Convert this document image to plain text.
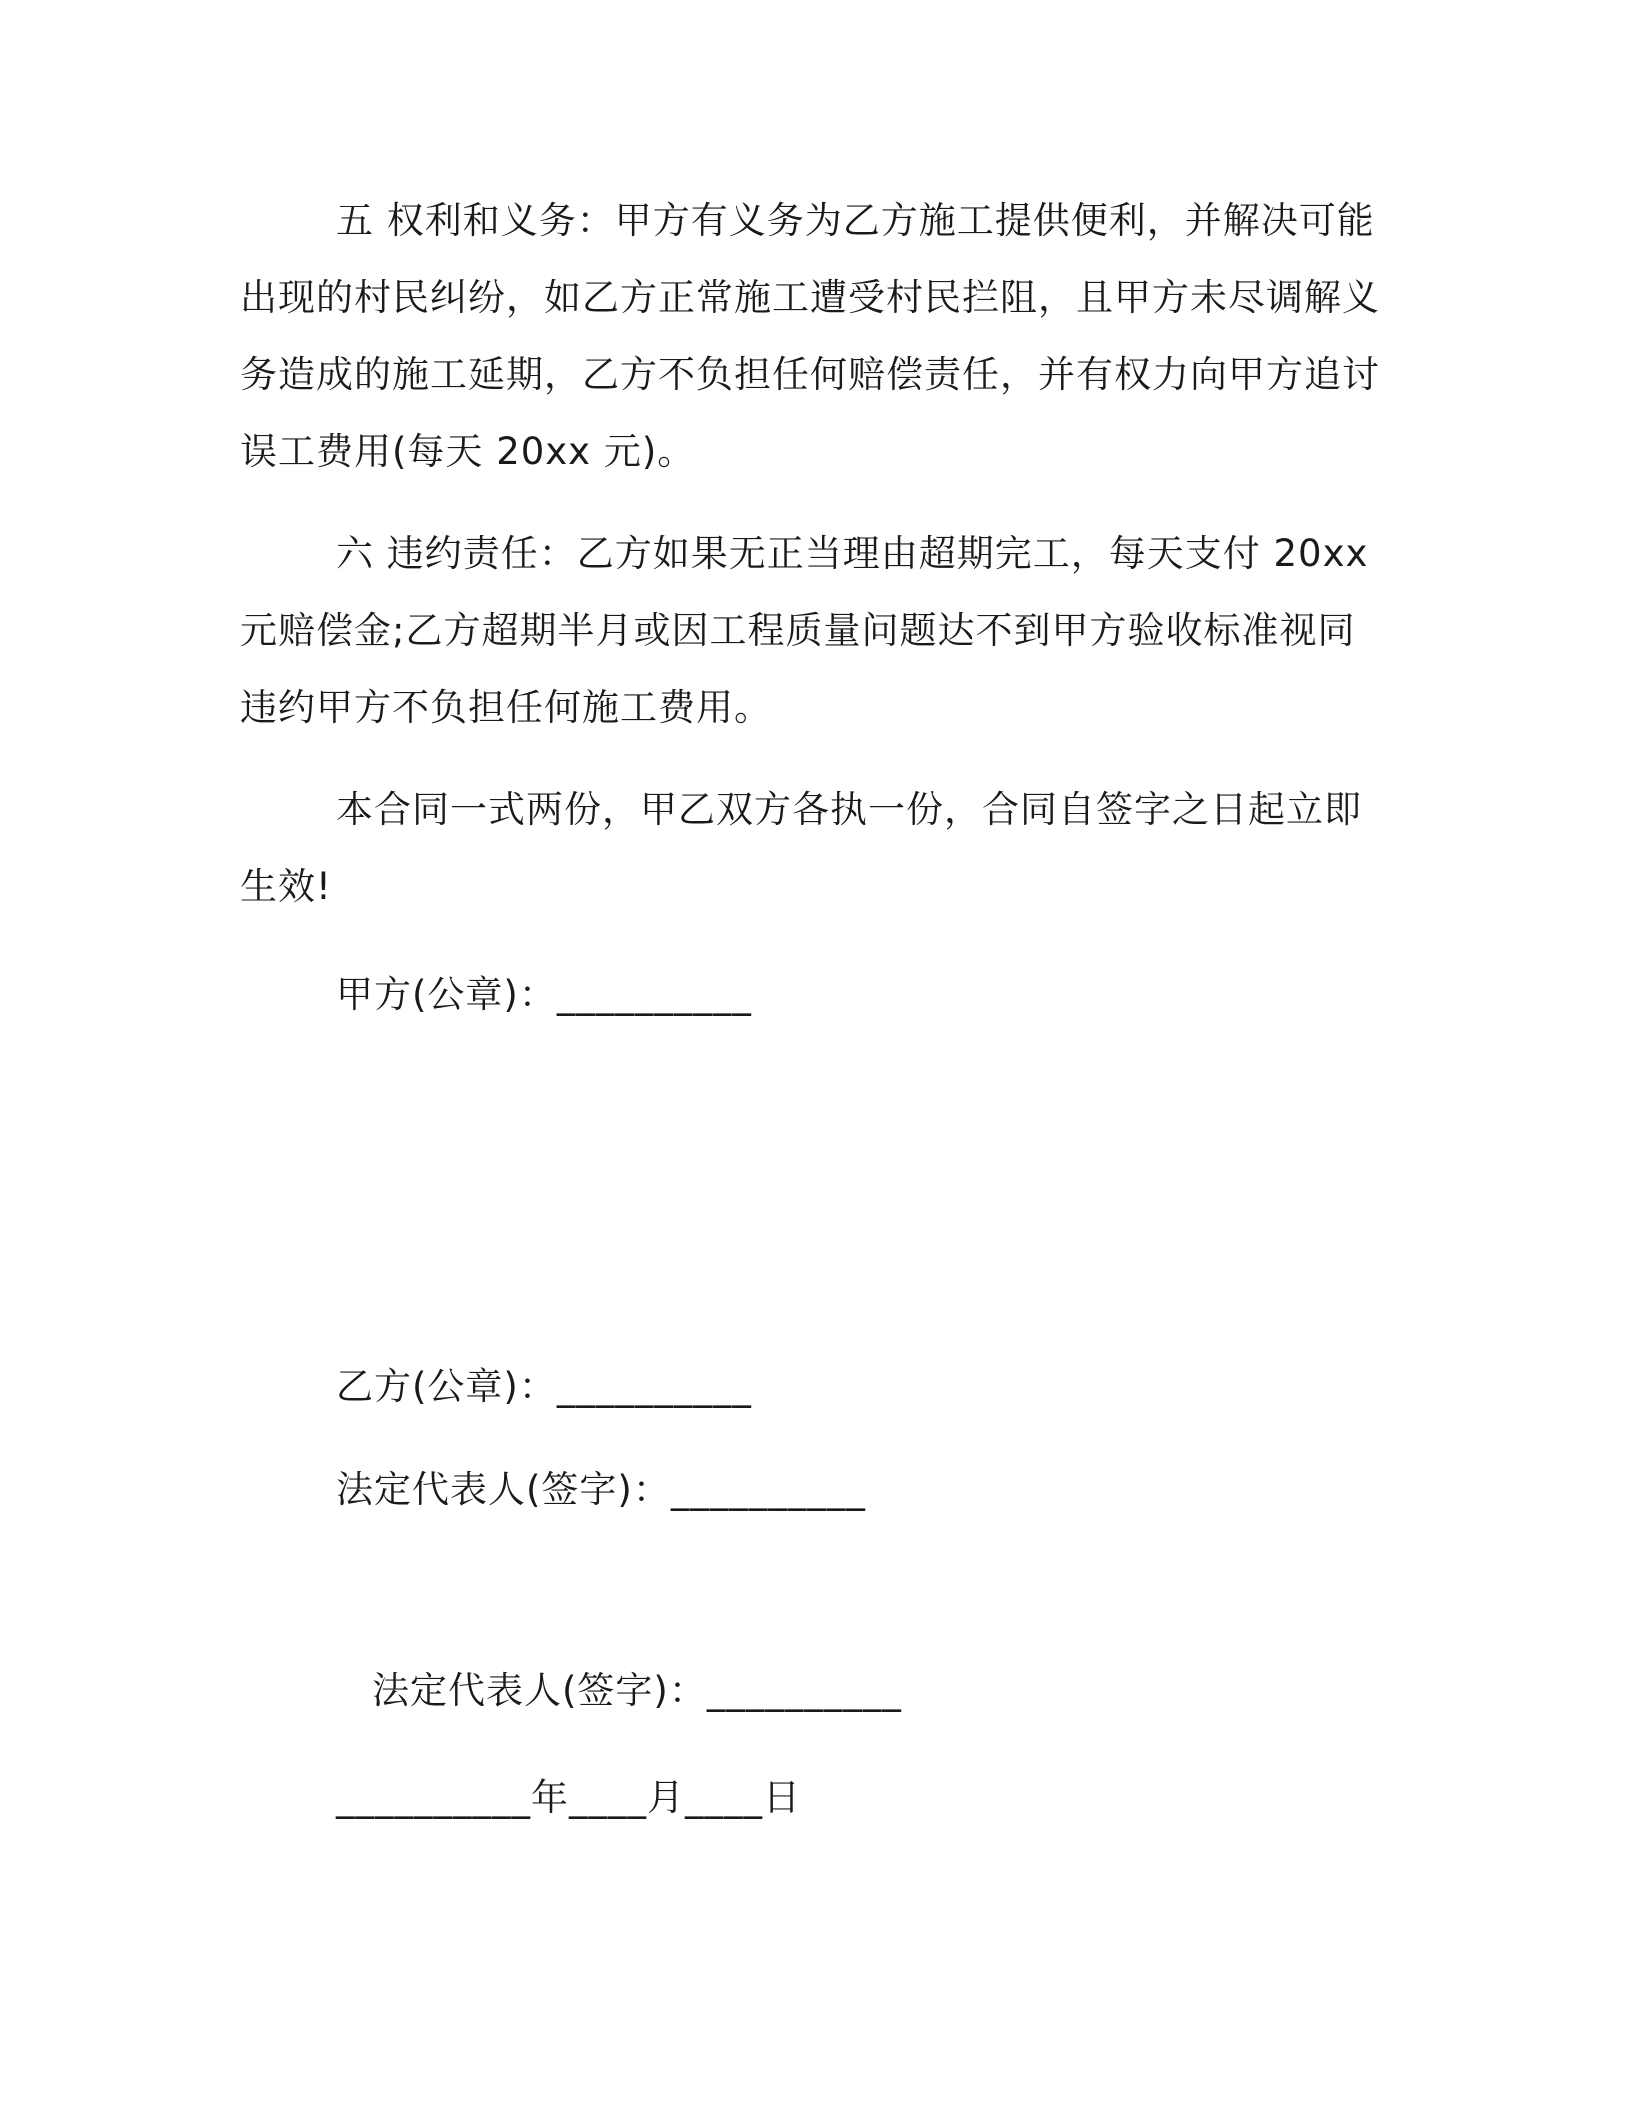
五 权利和义务：甲方有义务为乙方施工提供便利，并解决可能出现的村民纠纷，如乙方正常施工遭受村民拦阻，且甲方未尽调解义务造成的施工延期，乙方不负担任何赔偿责任，并有权力向甲方追讨误工费用(每天 20xx 元)。

六 违约责任：乙方如果无正当理由超期完工，每天支付 20xx 元赔偿金;乙方超期半月或因工程质量问题达不到甲方验收标准视同违约甲方不负担任何施工费用。

本合同一式两份，甲乙双方各执一份，合同自签字之日起立即生效!

甲方(公章)：__________
乙方(公章)：__________
法定代表人(签字)：__________
法定代表人(签字)：__________
__________年____月____日
